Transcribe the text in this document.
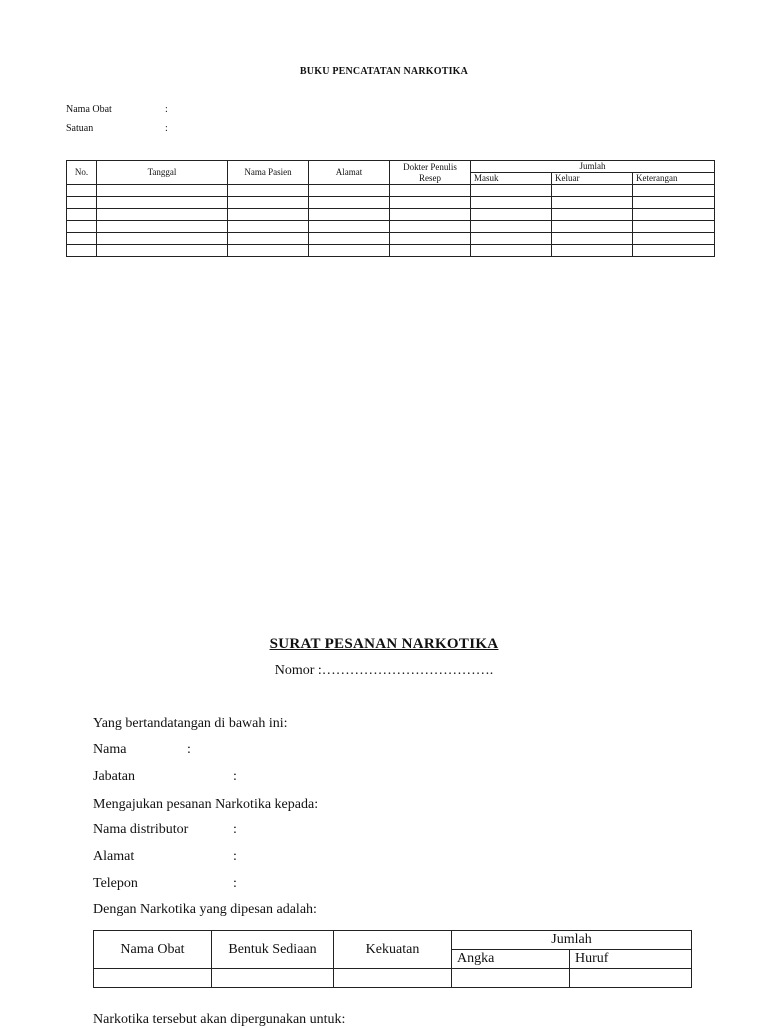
BUKU PENCATATAN NARKOTIKA
Nama Obat	:
Satuan	:
No.	Tanggal	Nama Pasien	Alamat	Dokter Penulis Resep	Jumlah		
					Masuk	Keluar	Keterangan

SURAT PESANAN NARKOTIKA
Nomor :……………………………….
Yang bertandatangan di bawah ini:
Nama	:
Jabatan	:
Mengajukan pesanan Narkotika kepada:
Nama distributor	:
Alamat	:
Telepon	:
Dengan Narkotika yang dipesan adalah:
Nama Obat	Bentuk Sediaan	Kekuatan	Jumlah	
			Angka	Huruf

Narkotika tersebut akan dipergunakan untuk:
